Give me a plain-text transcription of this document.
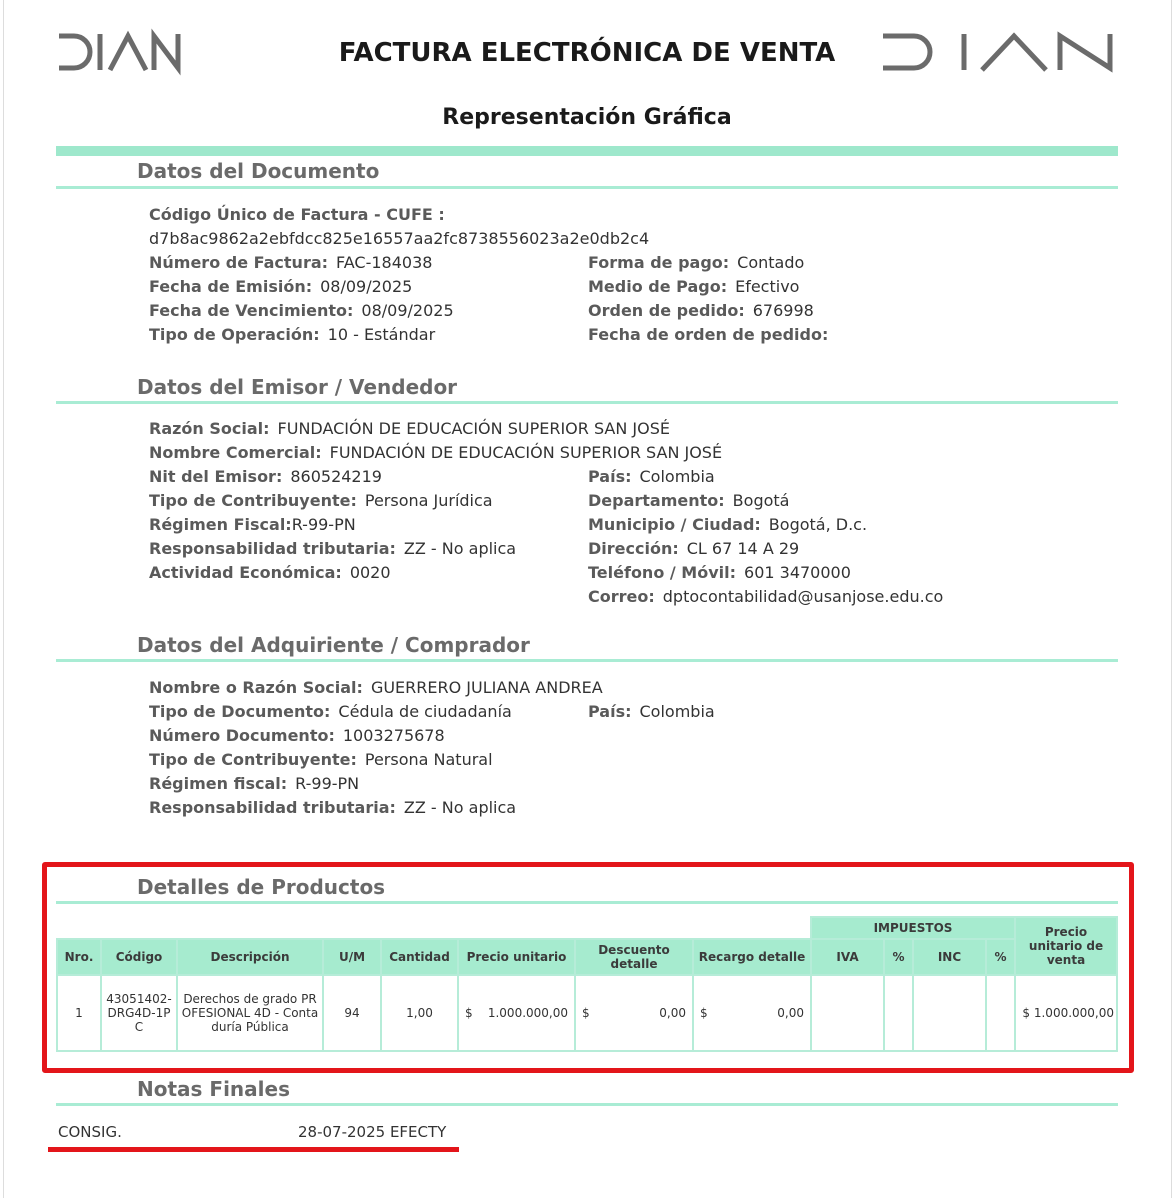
FACTURA ELECTRÓNICA DE VENTA
Representación Gráfica
Datos del Documento
Código Único de Factura - CUFE :
d7b8ac9862a2ebfdcc825e16557aa2fc8738556023a2e0db2c4
Número de Factura: FAC-184038
Fecha de Emisión: 08/09/2025
Fecha de Vencimiento: 08/09/2025
Tipo de Operación: 10 - Estándar
Forma de pago: Contado
Medio de Pago: Efectivo
Orden de pedido: 676998
Fecha de orden de pedido:
Datos del Emisor / Vendedor
Razón Social: FUNDACIÓN DE EDUCACIÓN SUPERIOR SAN JOSÉ
Nombre Comercial: FUNDACIÓN DE EDUCACIÓN SUPERIOR SAN JOSÉ
Nit del Emisor: 860524219
Tipo de Contribuyente: Persona Jurídica
Régimen Fiscal:R-99-PN
Responsabilidad tributaria: ZZ - No aplica
Actividad Económica: 0020
País: Colombia
Departamento: Bogotá
Municipio / Ciudad: Bogotá, D.c.
Dirección: CL 67 14 A 29
Teléfono / Móvil: 601 3470000
Correo: dptocontabilidad@usanjose.edu.co
Datos del Adquiriente / Comprador
Nombre o Razón Social: GUERRERO JULIANA ANDREA
Tipo de Documento: Cédula de ciudadanía
Número Documento: 1003275678
Tipo de Contribuyente: Persona Natural
Régimen fiscal: R-99-PN
Responsabilidad tributaria: ZZ - No aplica
País: Colombia
Detalles de Productos
								IMPUESTOS				Precio unitario de venta
Nro.	Código	Descripción	U/M	Cantidad	Precio unitario	Descuento detalle	Recargo detalle	IVA	%	INC	%	
1	43051402-DRG4D-1PC	Derechos de grado PROFESIONAL 4D - Contaduría Pública	94	1,00	$ 1.000.000,00	$ 0,00	$ 0,00					$ 1.000.000,00
Notas Finales
CONSIG.	28-07-2025 EFECTY
